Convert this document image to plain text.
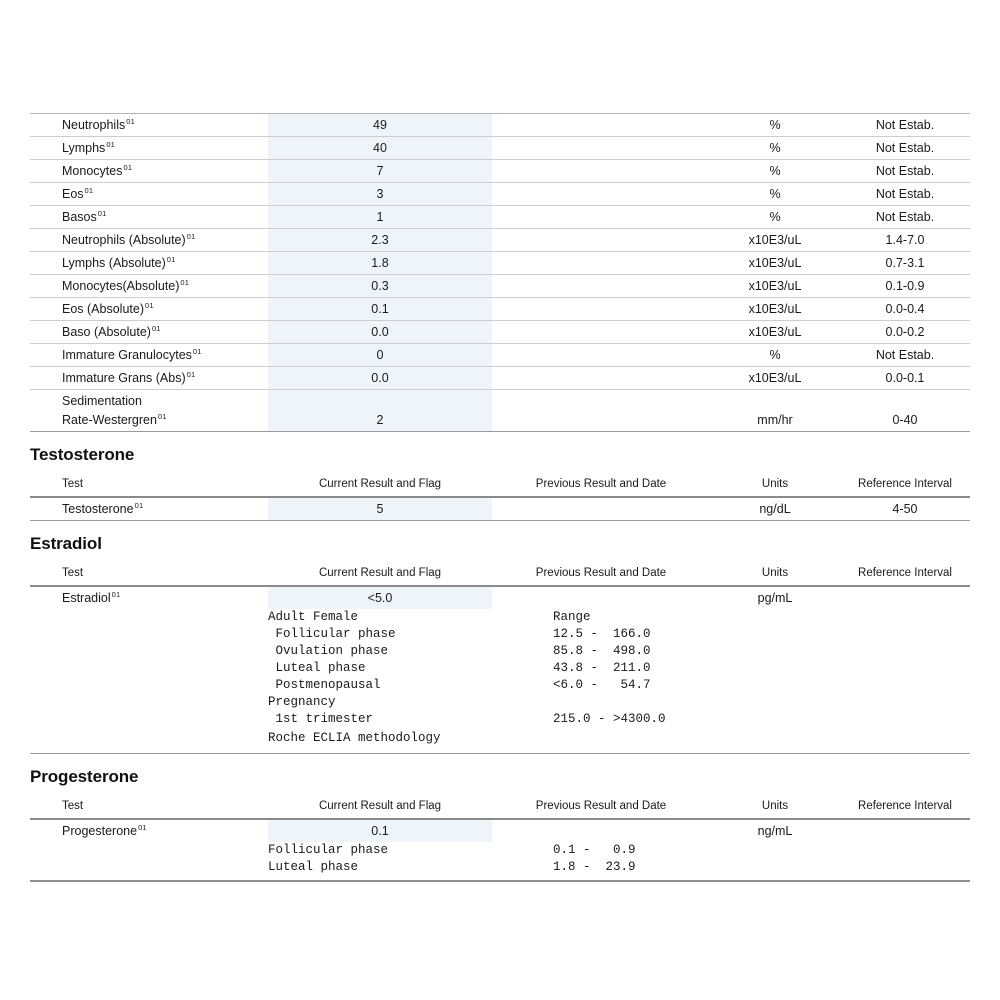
Neutrophils$^{01}$	49		%	Not Estab.
Lymphs$^{01}$	40		%	Not Estab.
Monocytes$^{01}$	7		%	Not Estab.
Eos$^{01}$	3		%	Not Estab.
Basos$^{01}$	1		%	Not Estab.
Neutrophils (Absolute)$^{01}$	2.3		x10E3/uL	1.4-7.0
Lymphs (Absolute)$^{01}$	1.8		x10E3/uL	0.7-3.1
Monocytes(Absolute)$^{01}$	0.3		x10E3/uL	0.1-0.9
Eos (Absolute)$^{01}$	0.1		x10E3/uL	0.0-0.4
Baso (Absolute)$^{01}$	0.0		x10E3/uL	0.0-0.2
Immature Granulocytes$^{01}$	0		%	Not Estab.
Immature Grans (Abs)$^{01}$	0.0		x10E3/uL	0.0-0.1

Sedimentation
Rate-Westergren$^{01}$	2		mm/hr	0-40
Testosterone
Test	Current Result and Flag	Previous Result and Date	Units	Reference Interval
Testosterone$^{01}$	5		ng/dL	4-50
Estradiol
Test	Current Result and Flag	Previous Result and Date	Units	Reference Interval
Estradiol$^{01}$	<5.0		pg/mL	
Adult Female	Range
Follicular phase	12.5 -  166.0
Ovulation phase	85.8 -  498.0
Luteal phase	43.8 -  211.0
Postmenopausal	<6.0 -   54.7
Pregnancy
1st trimester	215.0 - >4300.0
Roche ECLIA methodology
Progesterone
Test	Current Result and Flag	Previous Result and Date	Units	Reference Interval
Progesterone$^{01}$	0.1		ng/mL	
Follicular phase	0.1 -   0.9
Luteal phase	1.8 -  23.9
